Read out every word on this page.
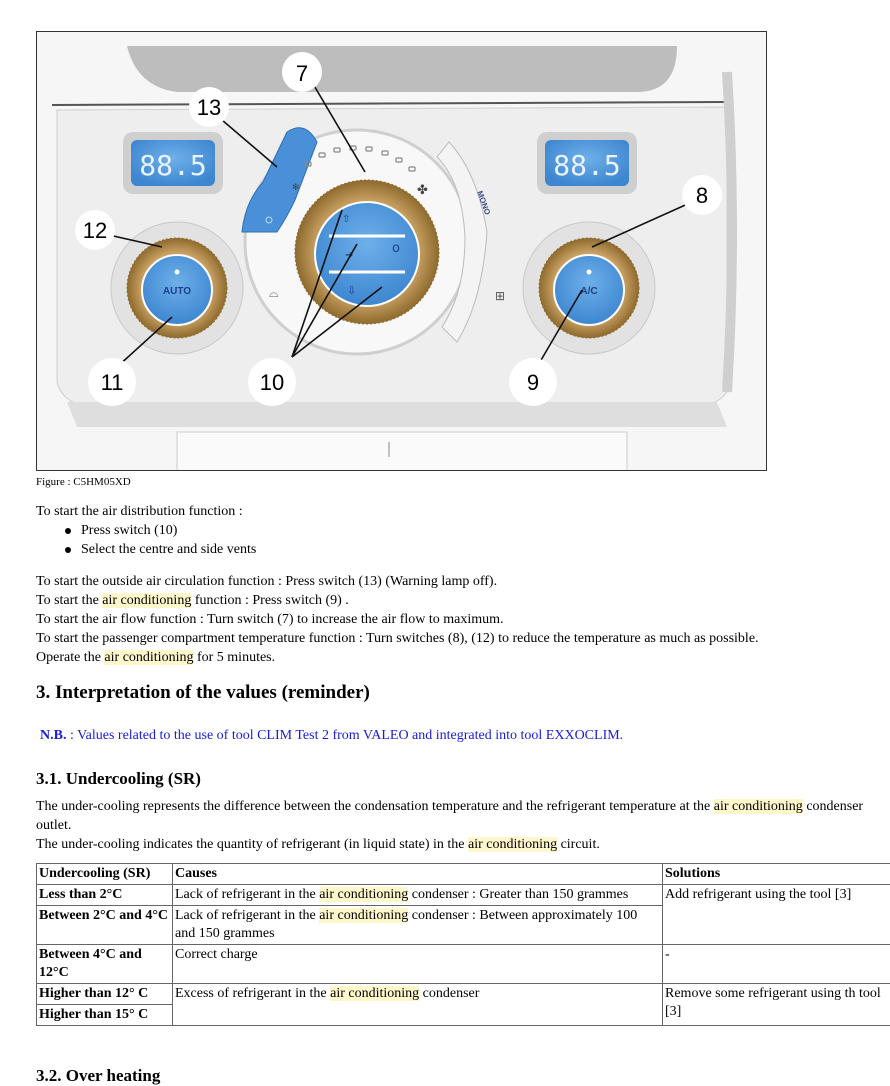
88.5	88.5
AUTO	A/C
MONO
⊞
⌓
✻	✤
⇧
➔
⇩
o
7
13
12
8
11	10	9
Figure : C5HM05XD

To start the air distribution function :

Press switch (10)
Select the centre and side vents

To start the outside air circulation function : Press switch (13) (Warning lamp off).

To start the air conditioning function : Press switch (9) .

To start the air flow function : Turn switch (7) to increase the air flow to maximum.

To start the passenger compartment temperature function : Turn switches (8), (12) to reduce the temperature as much as possible.

Operate the air conditioning for 5 minutes.

3. Interpretation of the values (reminder)
N.B. : Values related to the use of tool CLIM Test 2 from VALEO and integrated into tool EXXOCLIM.
3.1. Undercooling (SR)

The under-cooling represents the difference between the condensation temperature and the refrigerant temperature at the air conditioning condenser outlet.

The under-cooling indicates the quantity of refrigerant (in liquid state) in the air conditioning circuit.

Undercooling (SR)	Causes	Solutions
Less than 2°C	Lack of refrigerant in the air conditioning condenser : Greater than 150 grammes	Add refrigerant using the tool [3]
Between 2°C and 4°C	Lack of refrigerant in the air conditioning condenser : Between approximately 100 and 150 grammes	
Between 4°C and 12°C	Correct charge	-
Higher than 12° C	Excess of refrigerant in the air conditioning condenser	Remove some refrigerant using th tool [3]
Higher than 15° C		
3.2. Over heating
